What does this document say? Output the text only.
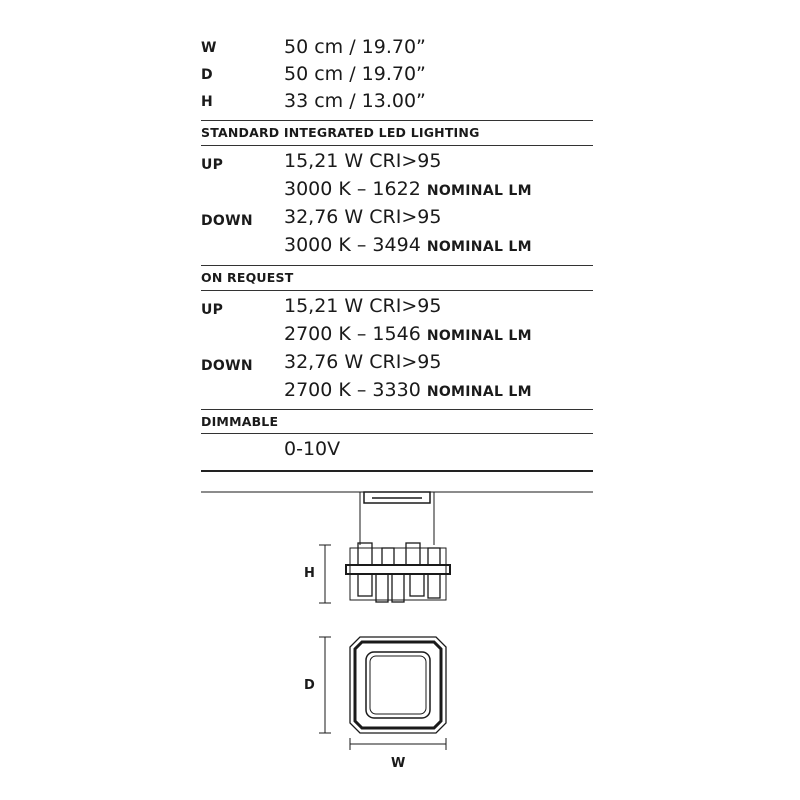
W	50 cm / 19.70”
D	50 cm / 19.70”
H	33 cm / 13.00”
STANDARD INTEGRATED LED LIGHTING
UP	15,21 W CRI>95
3000 K – 1622 NOMINAL LM
DOWN 32,76 W CRI>95
3000 K – 3494 NOMINAL LM
ON REQUEST
UP	15,21 W CRI>95
2700 K – 1546 NOMINAL LM
DOWN 32,76 W CRI>95
2700 K – 3330 NOMINAL LM
DIMMABLE
0-10V
H
D
W
